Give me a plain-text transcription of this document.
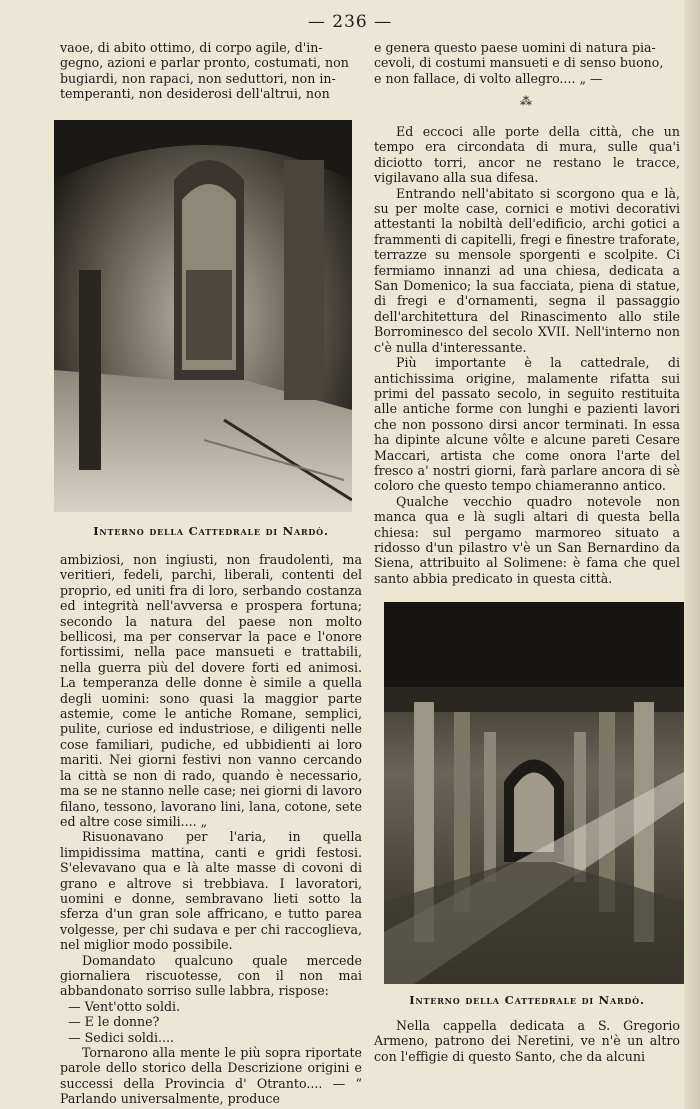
— 236 —

vaoe, di abito ottimo, di corpo agile, d'in-

gegno, azioni e parlar pronto, costumati, non

bugiardi, non rapaci, non seduttori, non in-

temperanti, non desiderosi dell'altrui, non

Interno della Cattedrale di Nardò.

ambiziosi, non ingiusti, non fraudolenti, ma veritieri, fedeli, parchi, liberali, contenti del proprio, ed uniti fra di loro, serbando costanza ed integrità nell'avversa e prospera fortuna; secondo la natura del paese non molto bellicosi, ma per conservar la pace e l'onore fortissimi, nella pace mansueti e trattabili, nella guerra più del dovere forti ed animosi. La temperanza delle donne è simile a quella degli uomini: sono quasi la maggior parte astemie, come le antiche Romane, semplici, pulite, curiose ed industriose, e diligenti nelle cose familiari, pudiche, ed ubbidienti ai loro mariti. Nei giorni festivi non vanno cercando la città se non di rado, quando è necessario, ma se ne stanno nelle case; nei giorni di lavoro filano, tessono, lavorano lini, lana, cotone, sete ed altre cose simili.... „

Risuonavano per l'aria, in quella limpidissima mattina, canti e gridi festosi. S'elevavano qua e là alte masse di covoni di grano e altrove si trebbiava. I lavoratori, uomini e donne, sembravano lieti sotto la sferza d'un gran sole affricano, e tutto parea volgesse, per chi sudava e per chi raccoglieva, nel miglior modo possibile.

Domandato qualcuno quale mercede giornaliera riscuotesse, con il non mai abbandonato sorriso sulle labbra, rispose:

— Vent'otto soldi.

— E le donne?

— Sedici soldi....

Tornarono alla mente le più sopra riportate parole dello storico della Descrizione origini e successi della Provincia d' Otranto.... — “ Parlando universalmente, produce

e genera questo paese uomini di natura pia-

cevoli, di costumi mansueti e di senso buono,

e non fallace, di volto allegro.... „ —

⁂

Ed eccoci alle porte della città, che un tempo era circondata di mura, sulle qua'i diciotto torri, ancor ne restano le tracce, vigilavano alla sua difesa.

Entrando nell'abitato si scorgono qua e là, su per molte case, cornici e motivi decorativi attestanti la nobiltà dell'edificio, archi gotici a frammenti di capitelli, fregi e finestre traforate, terrazze su mensole sporgenti e scolpite. Ci fermiamo innanzi ad una chiesa, dedicata a San Domenico; la sua facciata, piena di statue, di fregi e d'ornamenti, segna il passaggio dell'architettura del Rinascimento allo stile Borrominesco del secolo XVII. Nell'interno non c'è nulla d'interessante.

Più importante è la cattedrale, di antichissima origine, malamente rifatta sui primi del passato secolo, in seguito restituita alle antiche forme con lunghi e pazienti lavori che non possono dirsi ancor terminati. In essa ha dipinte alcune vôlte e alcune pareti Cesare Maccari, artista che come onora l'arte del fresco a' nostri giorni, farà parlare ancora di sè coloro che questo tempo chiameranno antico.

Qualche vecchio quadro notevole non manca qua e là sugli altari di questa bella chiesa: sul pergamo marmoreo situato a ridosso d'un pilastro v'è un San Bernardino da Siena, attribuito al Solimene: è fama che quel santo abbia predicato in questa città.

Interno della Cattedrale di Nardò.

Nella cappella dedicata a S. Gregorio Armeno, patrono dei Neretini, ve n'è un altro con l'effigie di questo Santo, che da alcuni
